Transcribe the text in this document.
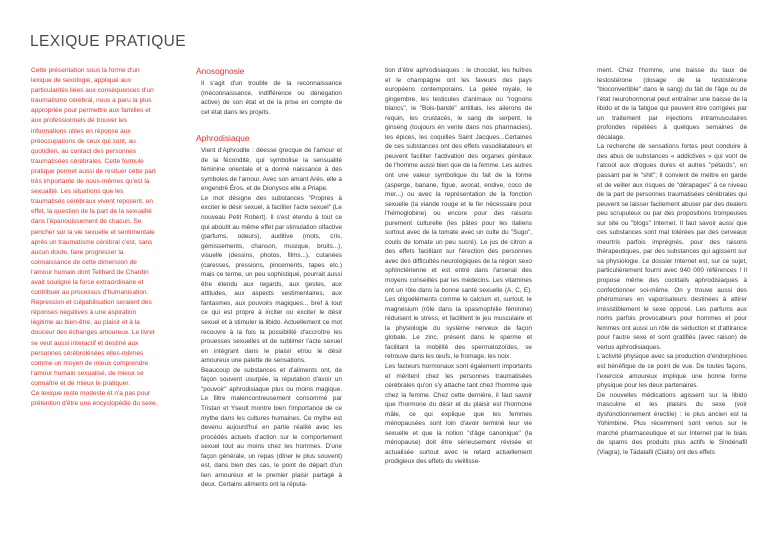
LEXIQUE PRATIQUE

Cette présentation sous la forme d'un lexique de sexologie, appliqué aux particularités liées aux conséquences d'un traumatisme cérébral, nous a paru la plus appropriée pour permettre aux familles et aux professionnels de trouver les informations utiles en réponse aux préoccupations de ceux qui sont, au quotidien, au contact des personnes traumatisées cérébrales. Cette formule pratique permet aussi de resituer cette part très importante de nous-mêmes qu'est la sexualité. Les situations que les traumatisés cérébraux vivent reposent, en effet, la question de la part de la sexualité dans l'épanouissement de chacun. Se pencher sur la vie sexuelle et sentimentale après un traumatisme cérébral c'est, sans aucun doute, faire progresser la connaissance de cette dimension de l'amour humain dont Teilhard de Chardin avait souligné la force extraordinaire et contribuer au processus d'humanisation. Répression et culpabilisation seraient des réponses négatives à une aspiration légitime au bien-être, au plaisir et à la douceur des échanges amoureux. Le livret se veut aussi interactif et destiné aux personnes cérébrolésées elles-mêmes comme un moyen de mieux comprendre l'amour humain sexualisé, de mieux se connaître et de mieux le pratiquer.

Ce lexique reste modeste et n'a pas pour prétention d'être une encyclopédie du sexe.

Anosognosie

Il s'agit d'un trouble de la reconnaissance (méconnaissance, indifférence ou dénégation active) de son état et de la prise en compte de cet état dans les projets.

Aphrodisiaque

Vient d'Aphrodite : déesse grecque de l'amour et de la fécondité, qui symbolise la sensualité féminine orientale et a donné naissance à des symboles de l'amour. Avec son amant Arès, elle a engendré Éros, et de Dionysos elle a Priape.

Le mot désigne des substances "Propres à exciter le désir sexuel, à faciliter l'acte sexuel" (Le nouveau Petit Robert). Il s'est étendu à tout ce qui aboutit au même effet par stimulation olfactive (parfums, odeurs), auditive (mots, cris, gémissements, chanson, musique, bruits...), visuelle (dessins, photos, films...), cutanées (caresses, pressions, pincements, tapes etc.) mais ce terme, un peu sophistiqué, pourrait aussi être étendu aux regards, aux gestes, aux attitudes, aux aspects vestimentaires, aux fantasmes, aux pouvoirs magiques... bref à tout ce qui est propre à inciter ou exciter le désir sexuel et à stimuler la libido. Actuellement ce mot recouvre à la fois la possibilité d'accroître les prouesses sexuelles et de sublimer l'acte sexuel en intégrant dans le plaisir et/ou le désir amoureux une palette de sensations.

Beaucoup de substances et d'aliments ont, de façon souvent usurpée, la réputation d'avoir un "pouvoir" aphrodisiaque plus ou moins magique. Le filtre malencontreusement consommé par Tristan et Yseult montre bien l'importance de ce mythe dans les cultures humaines. Ce mythe est devenu aujourd'hui en partie réalité avec les procédés actuels d'action sur le comportement sexuel tout au moins chez les hommes. D'une façon générale, un repas (dîner le plus souvent) est, dans bien des cas, le point de départ d'un lien amoureux et le premier plaisir partagé à deux. Certains aliments ont la réputa-

tion d'être aphrodisiaques : le chocolat, les huîtres et le champagne ont les faveurs des pays européens contemporains. La gelée royale, le gingembre, les testicules d'animaux ou "rognons blancs", le "Bois-bandé" antillais, les ailerons de requin, les crustacés, le sang de serpent, le ginseng (toujours en vente dans nos pharmacies), les épices, les coquilles Saint Jacques...Certaines de ces substances ont des effets vasodilatateurs et peuvent faciliter l'activation des organes génitaux de l'homme aussi bien que de la femme. Les autres ont une valeur symbolique du fait de la forme (asperge, banane, figue, avocat, endive, coco de mer...) ou avec la représentation de la fonction sexuelle (la viande rouge et le fer nécessaire pour l'hémoglobine) ou encore pour des raisons purement culturelle (les pâtes pour les italiens surtout avec de la tomate avec un culte du "Sugo", coulis de tomate un peu sucré). Le jus de citron a des effets facilitant sur l'érection des personnes avec des difficultés neurologiques de la région sexo sphinctérienne et est entré dans l'arsenal des moyens conseillés par les médecins. Les vitamines ont un rôle dans la bonne santé sexuelle (A, C, E). Les oligoéléments comme le calcium et, surtout, le magnésium (rôle dans la spasmophilie féminine) réduisent le stress, et facilitent le jeu musculaire et la physiologie du système nerveux de façon globale. Le zinc, présent dans le sperme et facilitant la mobilité des spermatozoïdes, se retrouve dans les œufs, le fromage, les noix.

Les facteurs hormonaux sont également importants et méritent chez les personnes traumatisées cérébrales qu'on s'y attache tant chez l'homme que chez la femme. Chez cette dernière, il faut savoir que l'hormone du désir et du plaisir est l'hormone mâle, ce qui explique que les femmes ménopausées sont loin d'avoir terminé leur vie sexuelle et que la notion "d'âge canonique" (la ménopause) doit être sérieusement révisée et actualisée surtout avec le retard actuellement prodigieux des effets du vieillisse-

ment. Chez l'homme, une baisse du taux de testostérone (dosage de la testostérone "bioconvertible" dans le sang) du fait de l'âge ou de l'état neurohormonal peut entraîner une baisse de la libido et de la fatigue qui peuvent être corrigées par un traitement par injections intramusculaires profondes répétées à quelques semaines de décalage.

La recherche de sensations fortes peut conduire à des abus de substances « addictives » qui vont de l'alcool aux drogues dures et autres "pétards", en passant par le "shit"; Il convient de mettre en garde et de veiller aux risques de "dérapages" à ce niveau de la part de personnes traumatisées cérébrales qui peuvent se laisser facilement abuser par des dealers peu scrupuleux ou par des propositions trompeuses sur site ou "blogs" Internet. Il faut savoir aussi que ces substances sont mal tolérées par des cerveaux meurtris parfois imprégnés, pour des raisons thérapeutiques, par des substances qui agissent sur sa physiologie. Le dossier Internet est, sur ce sujet, particulièrement fourni avec 940 000 références ! Il propose même des cocktails aphrodisiaques à confectionner soi-même. On y trouve aussi des phéromones en vaporisateurs destinées à attirer irrésistiblement le sexe opposé. Les parfums aux noms parfois provocateurs pour hommes et pour femmes ont aussi un rôle de séduction et d'attirance pour l'autre sexe et sont gratifiés (avec raison) de vertus aphrodisiaques.

L'activité physique avec sa production d'endorphines est bénéfique de ce point de vue. De toutes façons, l'exercice amoureux implique une bonne forme physique pour les deux partenaires.

De nouvelles médications agissent sur la libido masculine et les plaisirs du sexe (voir dysfonctionnement érectile) : le plus ancien est la Yohimbine. Plus récemment sont venus sur le marché pharmaceutique et sur Internet par le biais de spams des produits plus actifs le Sindénafil (Viagra), le Tadalafil (Cialis) ont des effets
